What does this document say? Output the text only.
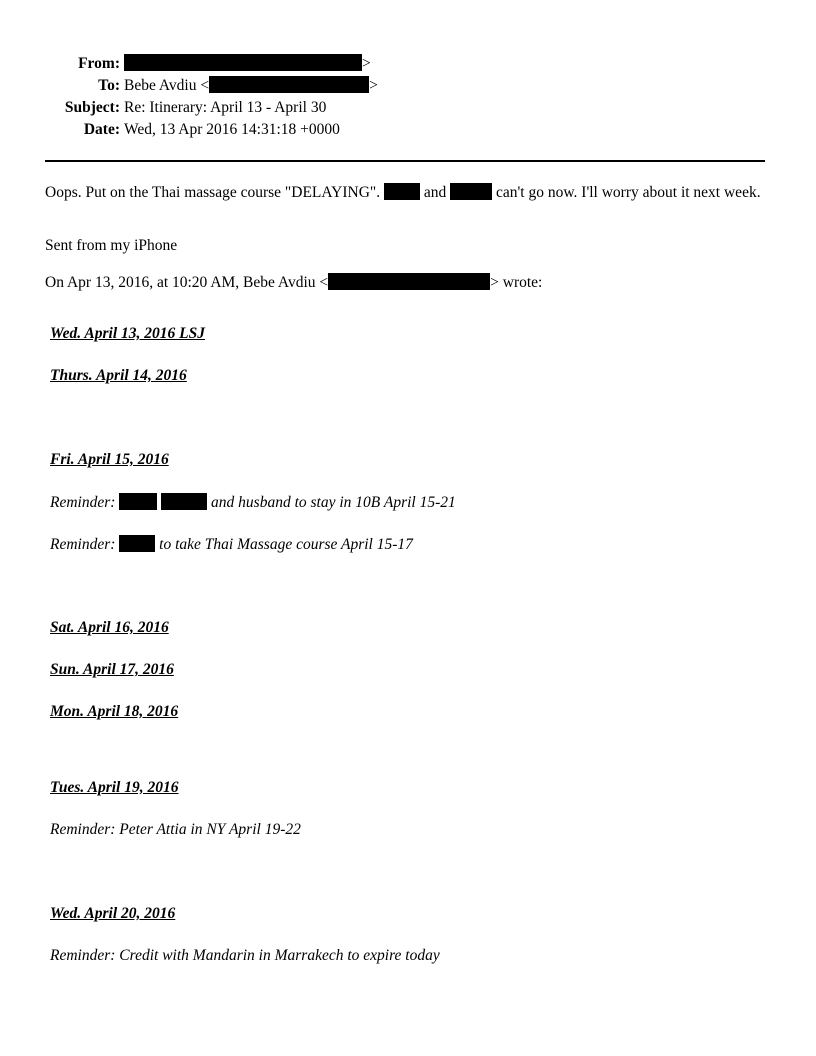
From:	>
To: Bebe Avdiu <	>
Subject: Re: Itinerary: April 13 - April 30
Date: Wed, 13 Apr 2016 14:31:18 +0000
Oops. Put on the Thai massage course "DELAYING".  and	can't go now. I'll worry about it next week.
Sent from my iPhone
On Apr 13, 2016, at 10:20 AM, Bebe Avdiu <	> wrote:
Wed. April 13, 2016 LSJ
Thurs. April 14, 2016
Fri. April 15, 2016
Reminder:	and husband to stay in 10B April 15-21
Reminder:  to take Thai Massage course April 15-17
Sat. April 16, 2016
Sun. April 17, 2016
Mon. April 18, 2016
Tues. April 19, 2016
Reminder: Peter Attia in NY April 19-22
Wed. April 20, 2016
Reminder: Credit with Mandarin in Marrakech to expire today
